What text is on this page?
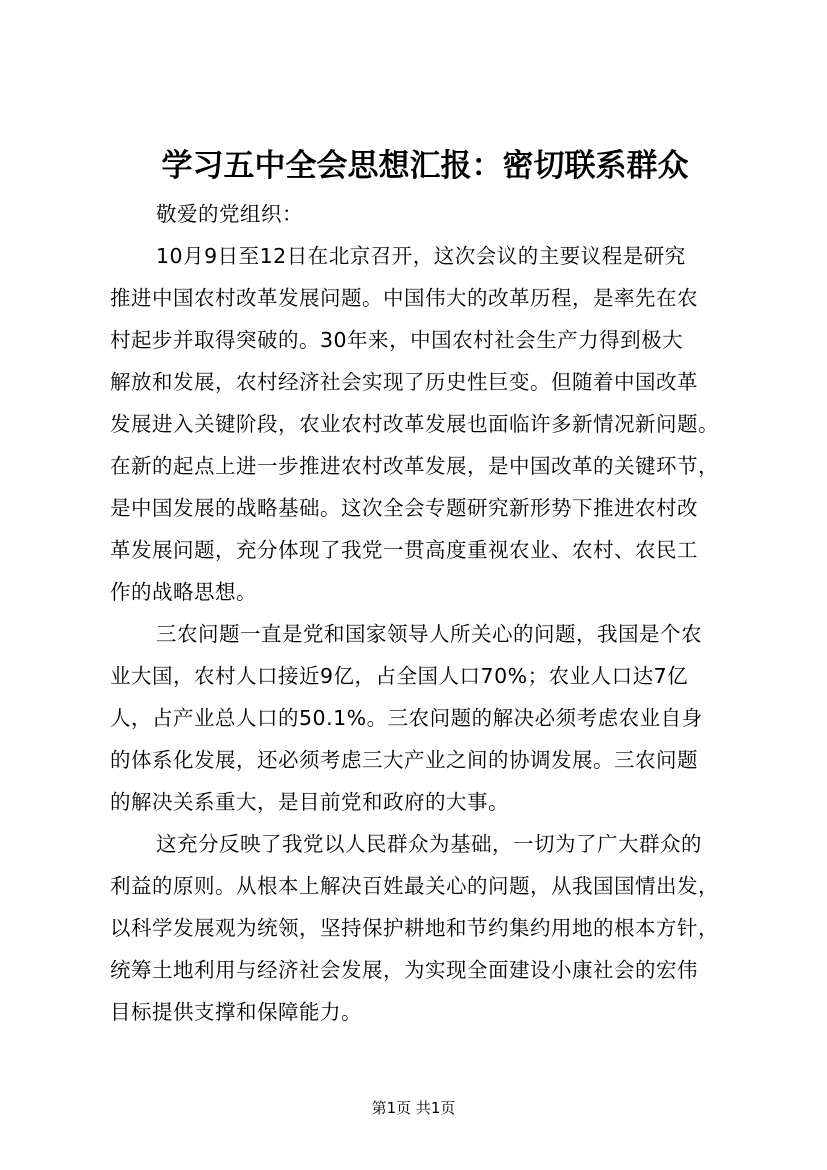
学习五中全会思想汇报：密切联系群众
敬爱的党组织：
10月9日至12日在北京召开，这次会议的主要议程是研究
推进中国农村改革发展问题。中国伟大的改革历程，是率先在农
村起步并取得突破的。30年来，中国农村社会生产力得到极大
解放和发展，农村经济社会实现了历史性巨变。但随着中国改革
发展进入关键阶段，农业农村改革发展也面临许多新情况新问题。
在新的起点上进一步推进农村改革发展，是中国改革的关键环节，
是中国发展的战略基础。这次全会专题研究新形势下推进农村改
革发展问题，充分体现了我党一贯高度重视农业、农村、农民工
作的战略思想。
三农问题一直是党和国家领导人所关心的问题，我国是个农
业大国，农村人口接近9亿，占全国人口70%；农业人口达7亿
人，占产业总人口的50.1%。三农问题的解决必须考虑农业自身
的体系化发展，还必须考虑三大产业之间的协调发展。三农问题
的解决关系重大，是目前党和政府的大事。
这充分反映了我党以人民群众为基础，一切为了广大群众的
利益的原则。从根本上解决百姓最关心的问题，从我国国情出发，
以科学发展观为统领，坚持保护耕地和节约集约用地的根本方针，
统筹土地利用与经济社会发展，为实现全面建设小康社会的宏伟
目标提供支撑和保障能力。
第1页 共1页
